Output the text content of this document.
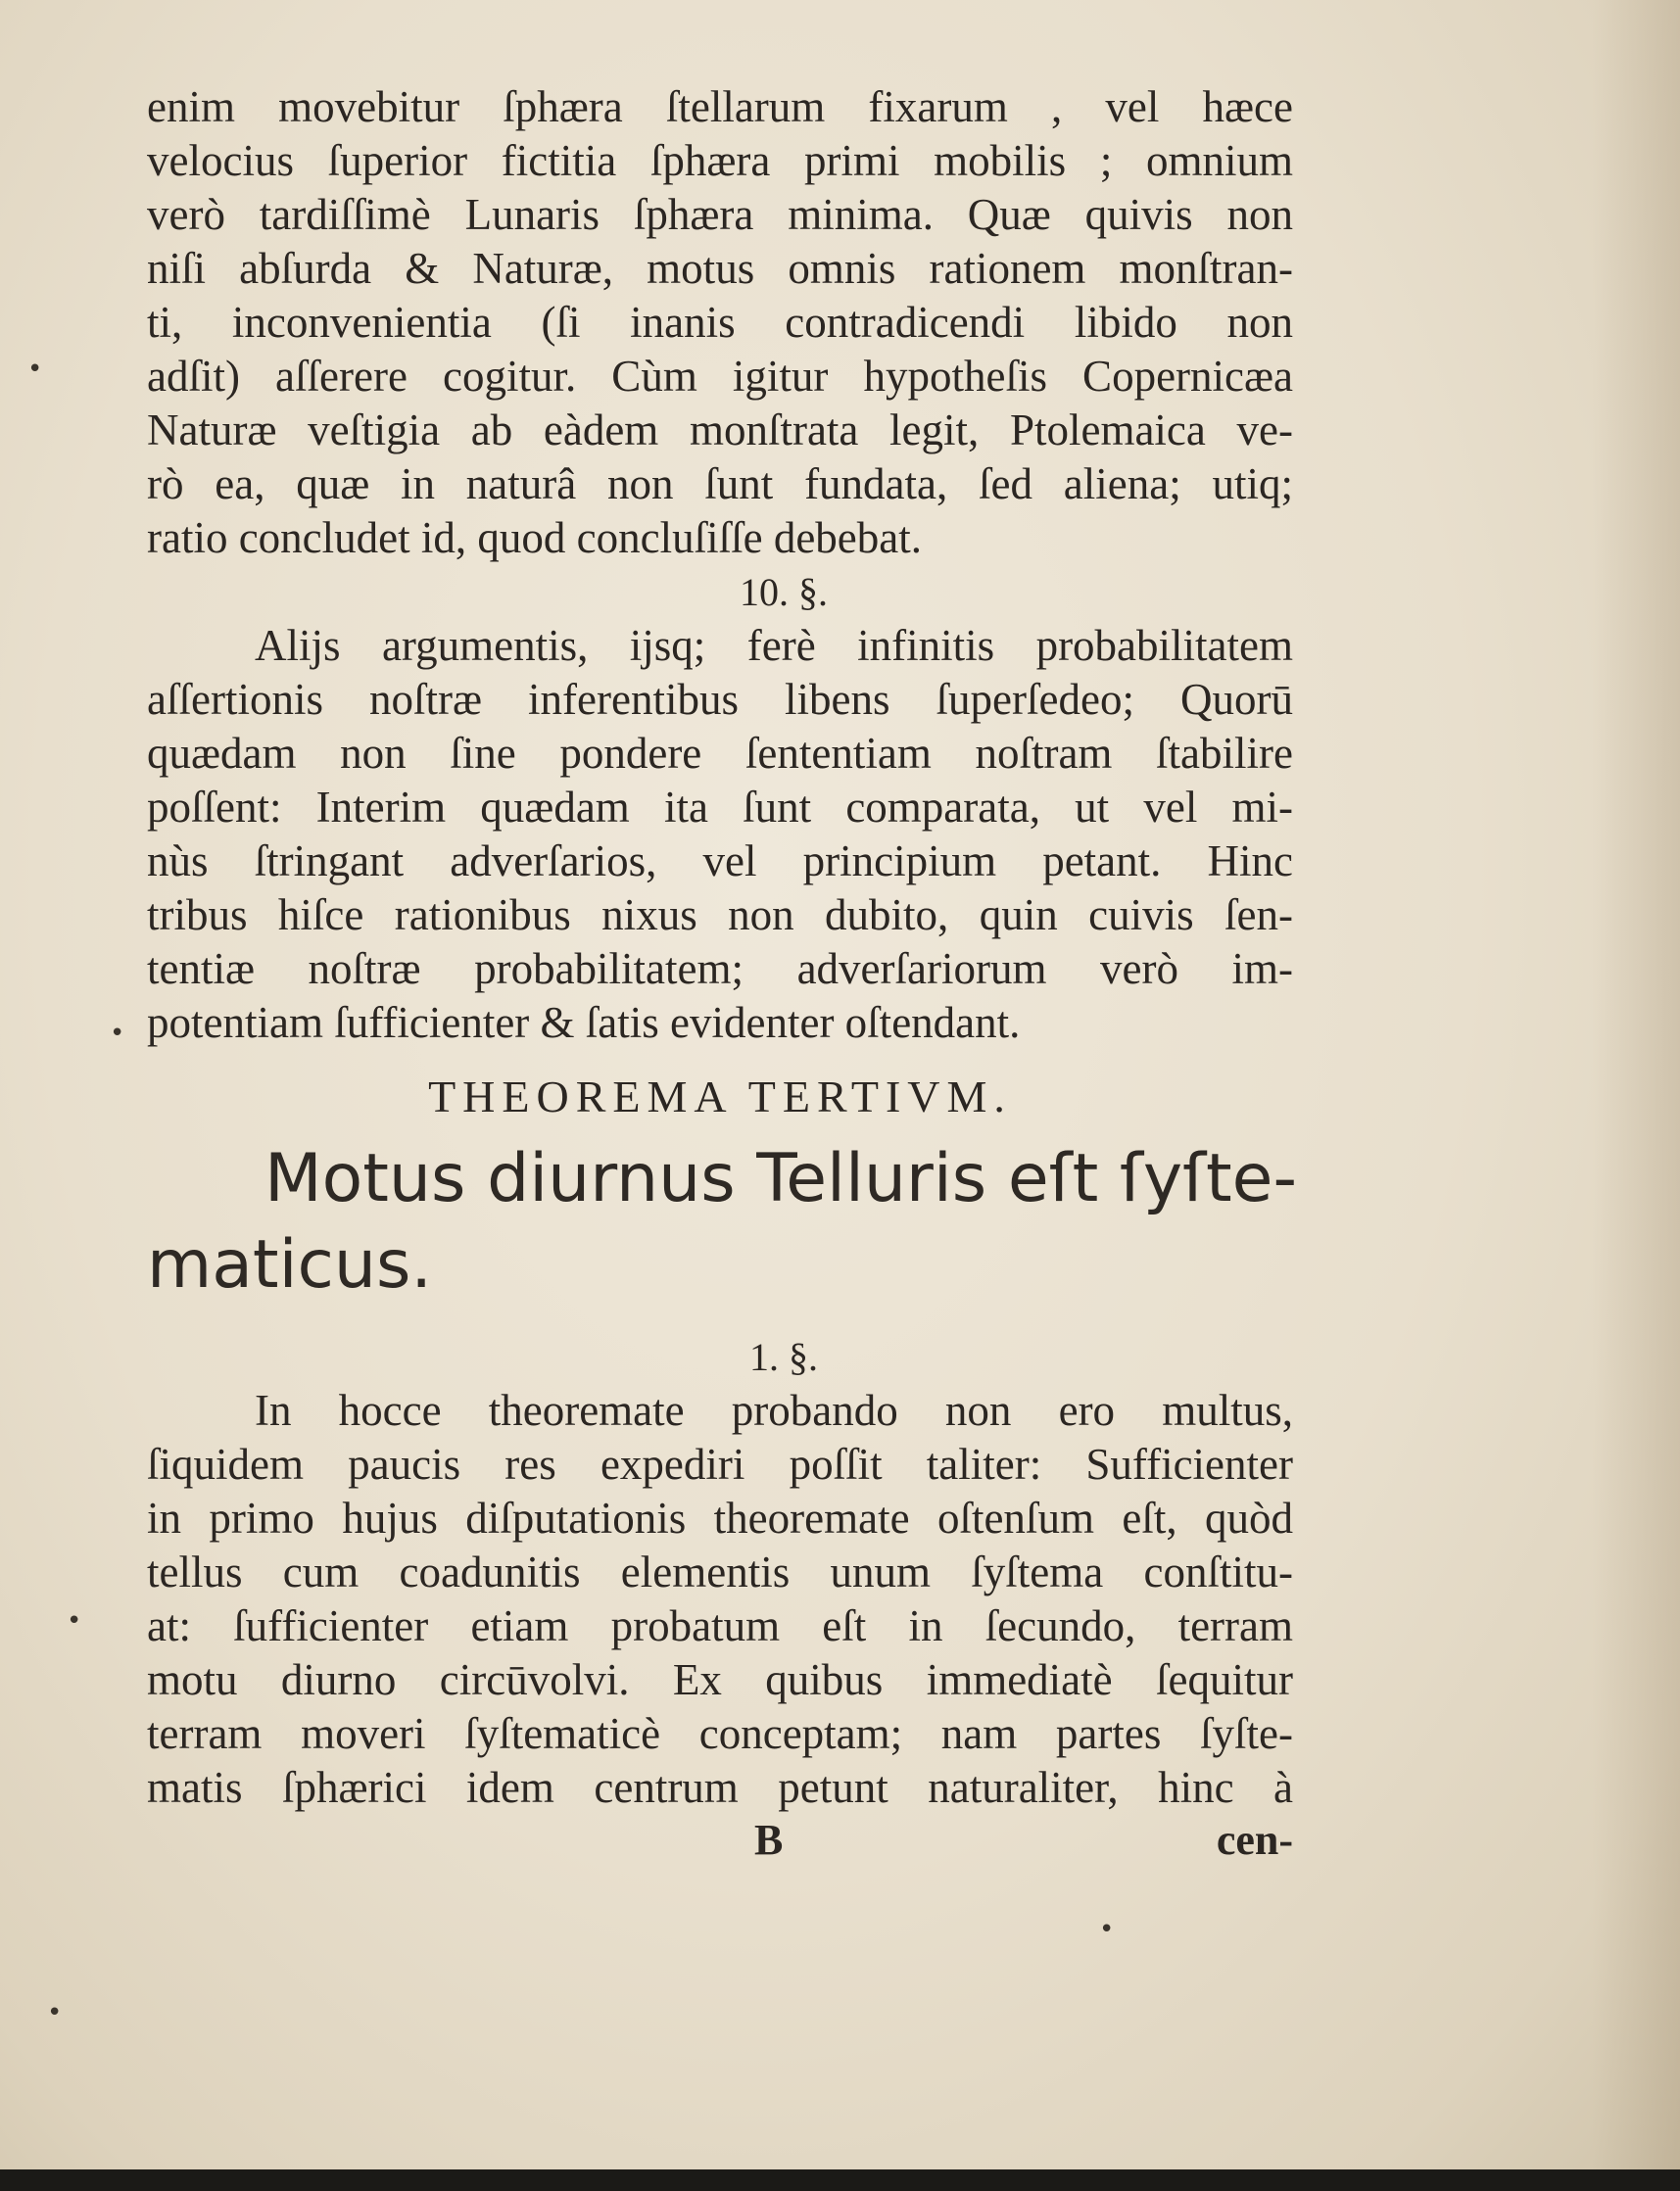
enim movebitur ſphæra ſtellarum fixarum , vel hæce
velocius ſuperior fictitia ſphæra primi mobilis ; omnium
verò tardiſſimè Lunaris ſphæra minima. Quæ quivis non
niſi abſurda & Naturæ, motus omnis rationem monſtran-
ti, inconvenientia (ſi inanis contradicendi libido non
adſit) aſſerere cogitur. Cùm igitur hypotheſis Copernicæa
Naturæ veſtigia ab eàdem monſtrata legit, Ptolemaica ve-
rò ea, quæ in naturâ non ſunt fundata, ſed aliena; utiq;
ratio concludet id, quod concluſiſſe debebat.
10. §.
Alijs argumentis, ijsq; ferè infinitis probabilitatem
aſſertionis noſtræ inferentibus libens ſuperſedeo; Quorū
quædam non ſine pondere ſententiam noſtram ſtabilire
poſſent: Interim quædam ita ſunt comparata, ut vel mi-
nùs ſtringant adverſarios, vel principium petant. Hinc
tribus hiſce rationibus nixus non dubito, quin cuivis ſen-
tentiæ noſtræ probabilitatem; adverſariorum verò im-
potentiam ſufficienter & ſatis evidenter oſtendant.
THEOREMA TERTIVM.
Motus diurnus Telluris eſt ſyſte-
maticus.
1. §.
In hocce theoremate probando non ero multus,
ſiquidem paucis res expediri poſſit taliter: Sufficienter
in primo hujus diſputationis theoremate oſtenſum eſt, quòd
tellus cum coadunitis elementis unum ſyſtema conſtitu-
at: ſufficienter etiam probatum eſt in ſecundo, terram
motu diurno circūvolvi. Ex quibus immediatè ſequitur
terram moveri ſyſtematicè conceptam; nam partes ſyſte-
matis ſphærici idem centrum petunt naturaliter, hinc à
B	cen-
•
•
•
•
•
